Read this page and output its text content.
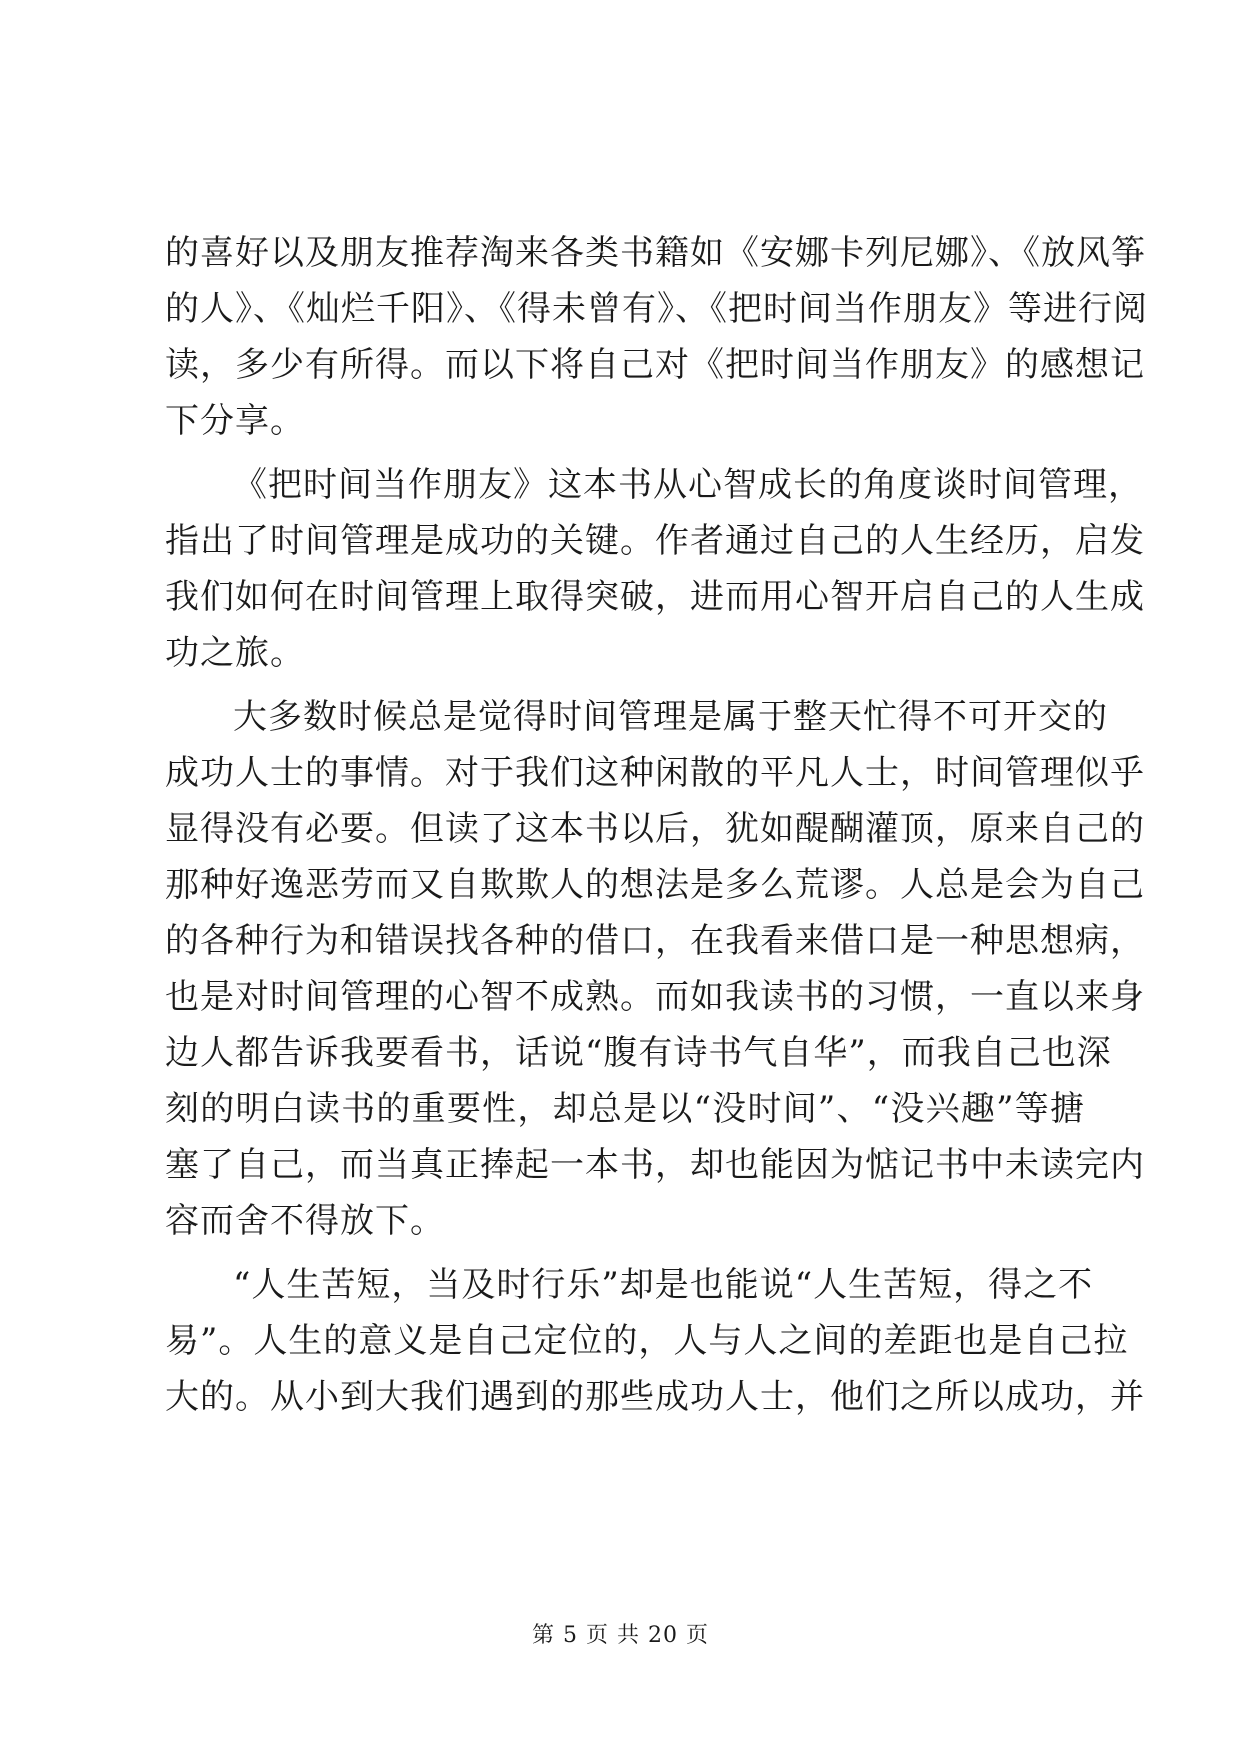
的喜好以及朋友推荐淘来各类书籍如《安娜卡列尼娜》、《放风筝
的人》、《灿烂千阳》、《得未曾有》、《把时间当作朋友》等进行阅
读，多少有所得。而以下将自己对《把时间当作朋友》的感想记
下分享。
《把时间当作朋友》这本书从心智成长的角度谈时间管理，
指出了时间管理是成功的关键。作者通过自己的人生经历，启发
我们如何在时间管理上取得突破，进而用心智开启自己的人生成
功之旅。
大多数时候总是觉得时间管理是属于整天忙得不可开交的
成功人士的事情。对于我们这种闲散的平凡人士，时间管理似乎
显得没有必要。但读了这本书以后，犹如醍醐灌顶，原来自己的
那种好逸恶劳而又自欺欺人的想法是多么荒谬。人总是会为自己
的各种行为和错误找各种的借口，在我看来借口是一种思想病，
也是对时间管理的心智不成熟。而如我读书的习惯，一直以来身
边人都告诉我要看书，话说“腹有诗书气自华”，而我自己也深
刻的明白读书的重要性，却总是以“没时间”、“没兴趣”等搪
塞了自己，而当真正捧起一本书，却也能因为惦记书中未读完内
容而舍不得放下。
“人生苦短，当及时行乐”却是也能说“人生苦短，得之不
易”。人生的意义是自己定位的，人与人之间的差距也是自己拉
大的。从小到大我们遇到的那些成功人士，他们之所以成功，并
第 5 页 共 20 页
